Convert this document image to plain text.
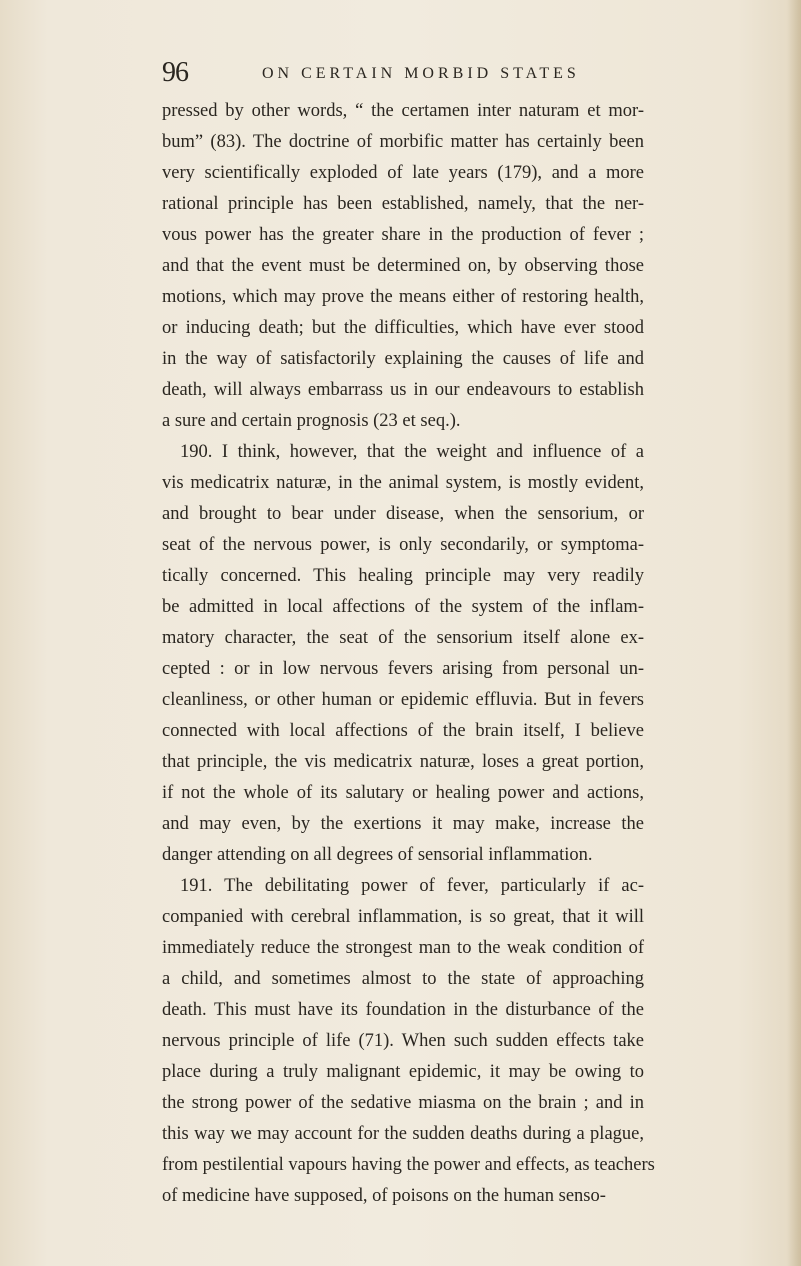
96	ON CERTAIN MORBID STATES
pressed by other words, “ the certamen inter naturam et mor-
bum” (83). The doctrine of morbific matter has certainly been
very scientifically exploded of late years (179), and a more
rational principle has been established, namely, that the ner-
vous power has the greater share in the production of fever ;
and that the event must be determined on, by observing those
motions, which may prove the means either of restoring health,
or inducing death; but the difficulties, which have ever stood
in the way of satisfactorily explaining the causes of life and
death, will always embarrass us in our endeavours to establish
a sure and certain prognosis (23 et seq.).
190. I think, however, that the weight and influence of a
vis medicatrix naturæ, in the animal system, is mostly evident,
and brought to bear under disease, when the sensorium, or
seat of the nervous power, is only secondarily, or symptoma-
tically concerned. This healing principle may very readily
be admitted in local affections of the system of the inflam-
matory character, the seat of the sensorium itself alone ex-
cepted : or in low nervous fevers arising from personal un-
cleanliness, or other human or epidemic effluvia. But in fevers
connected with local affections of the brain itself, I believe
that principle, the vis medicatrix naturæ, loses a great portion,
if not the whole of its salutary or healing power and actions,
and may even, by the exertions it may make, increase the
danger attending on all degrees of sensorial inflammation.
191. The debilitating power of fever, particularly if ac-
companied with cerebral inflammation, is so great, that it will
immediately reduce the strongest man to the weak condition of
a child, and sometimes almost to the state of approaching
death. This must have its foundation in the disturbance of the
nervous principle of life (71). When such sudden effects take
place during a truly malignant epidemic, it may be owing to
the strong power of the sedative miasma on the brain ; and in
this way we may account for the sudden deaths during a plague,
from pestilential vapours having the power and effects, as teachers
of medicine have supposed, of poisons on the human senso-
